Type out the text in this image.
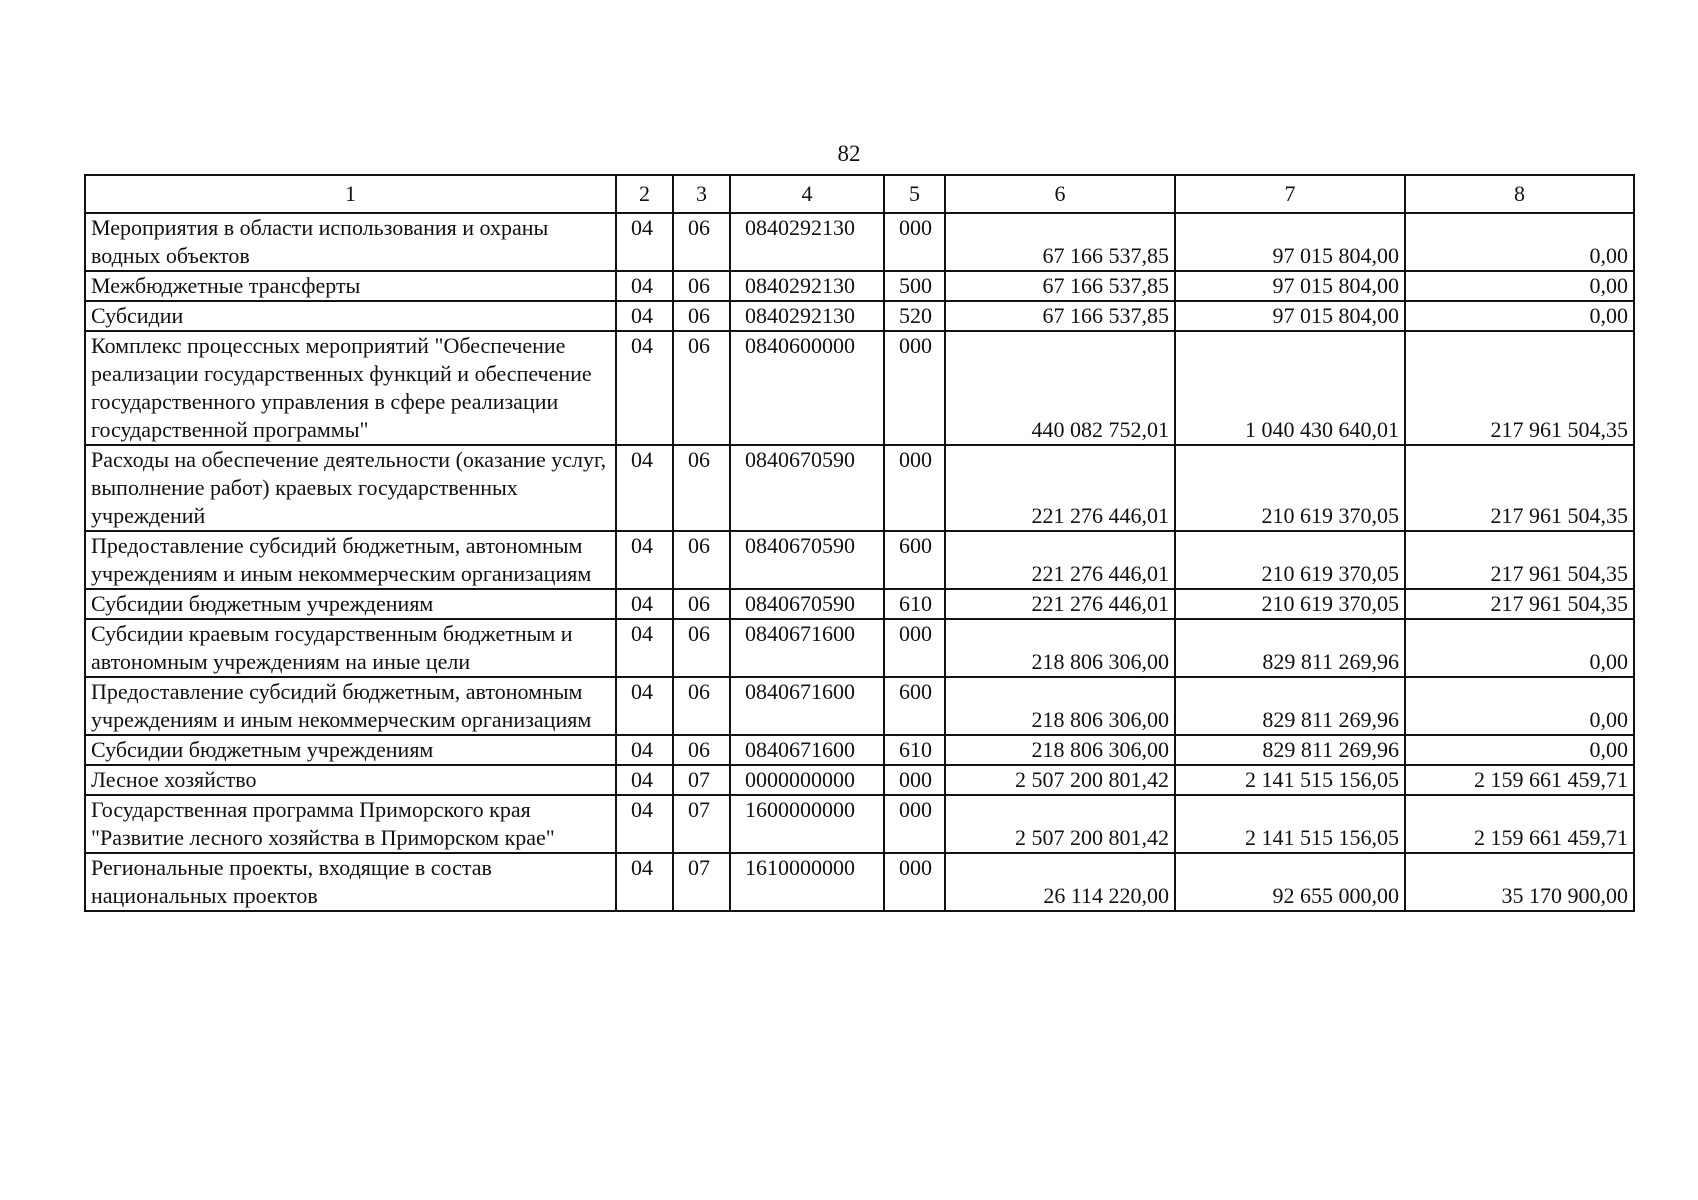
82
1	2	3	4	5	6	7	8
Мероприятия в области использования и охраны водных объектов	04	06	0840292130	000	67 166 537,85	97 015 804,00	0,00
Межбюджетные трансферты	04	06	0840292130	500	67 166 537,85	97 015 804,00	0,00
Субсидии	04	06	0840292130	520	67 166 537,85	97 015 804,00	0,00
Комплекс процессных мероприятий "Обеспечение реализации государственных функций и обеспечение государственного управления в сфере реализации государственной программы"	04	06	0840600000	000	440 082 752,01	1 040 430 640,01	217 961 504,35
Расходы на обеспечение деятельности (оказание услуг, выполнение работ) краевых государственных учреждений	04	06	0840670590	000	221 276 446,01	210 619 370,05	217 961 504,35
Предоставление субсидий бюджетным, автономным учреждениям и иным некоммерческим организациям	04	06	0840670590	600	221 276 446,01	210 619 370,05	217 961 504,35
Субсидии бюджетным учреждениям	04	06	0840670590	610	221 276 446,01	210 619 370,05	217 961 504,35
Субсидии краевым государственным бюджетным и автономным учреждениям на иные цели	04	06	0840671600	000	218 806 306,00	829 811 269,96	0,00
Предоставление субсидий бюджетным, автономным учреждениям и иным некоммерческим организациям	04	06	0840671600	600	218 806 306,00	829 811 269,96	0,00
Субсидии бюджетным учреждениям	04	06	0840671600	610	218 806 306,00	829 811 269,96	0,00
Лесное хозяйство	04	07	0000000000	000	2 507 200 801,42	2 141 515 156,05	2 159 661 459,71
Государственная программа Приморского края "Развитие лесного хозяйства в Приморском крае"	04	07	1600000000	000	2 507 200 801,42	2 141 515 156,05	2 159 661 459,71
Региональные проекты, входящие в состав национальных проектов	04	07	1610000000	000	26 114 220,00	92 655 000,00	35 170 900,00
